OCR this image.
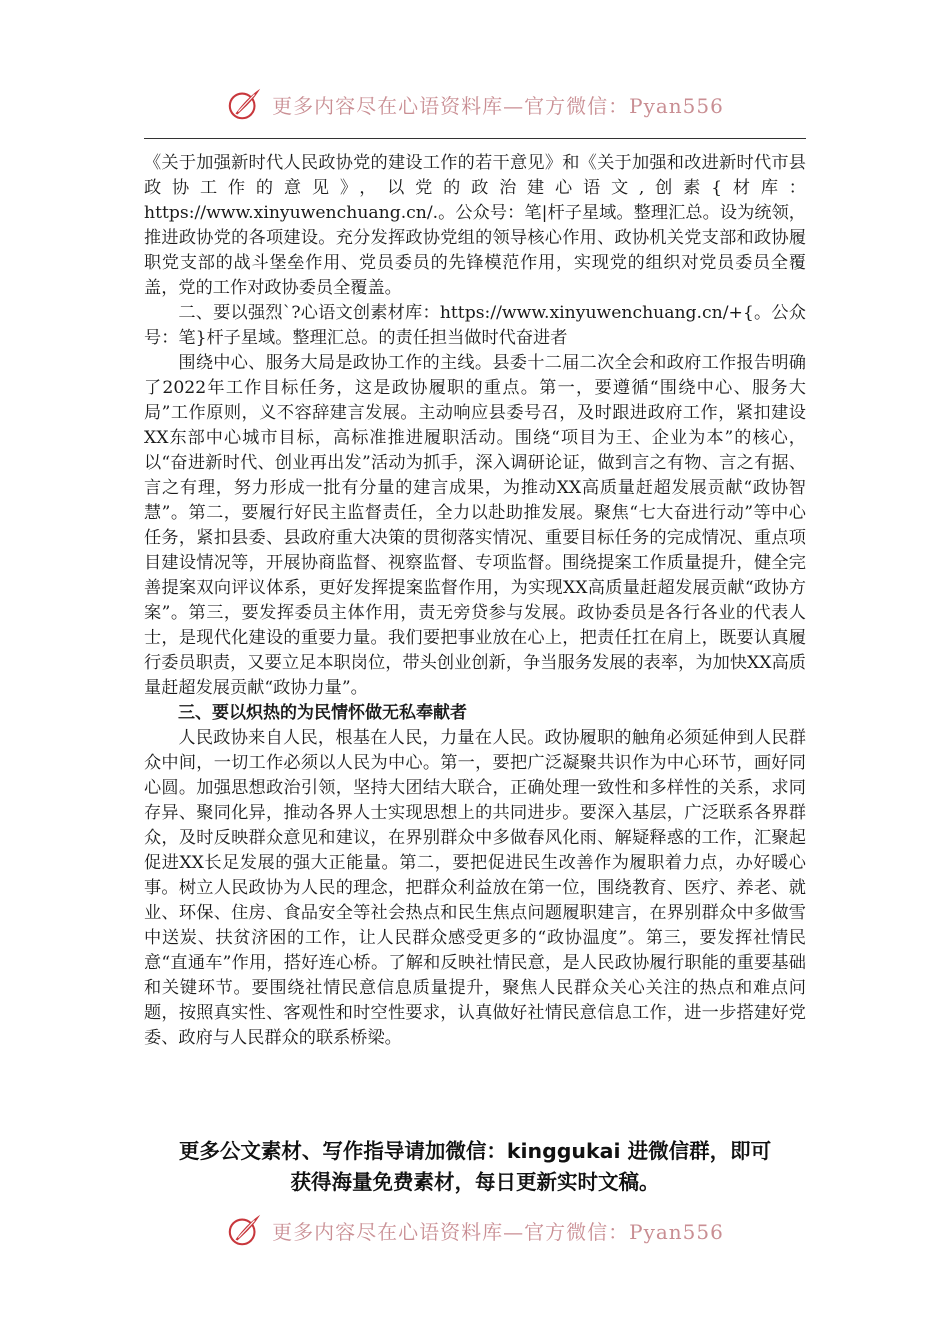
更多内容尽在心语资料库—官方微信：Pyan556

《关于加强新时代人民政协党的建设工作的若干意见》和《关于加强和改进新时代市县政协工作的意见》，以党的政治建心语文,创素{材库：https://www.xinyuwenchuang.cn/.。公众号：笔|杆子星域。整理汇总。设为统领，推进政协党的各项建设。充分发挥政协党组的领导核心作用、政协机关党支部和政协履职党支部的战斗堡垒作用、党员委员的先锋模范作用，实现党的组织对党员委员全覆盖，党的工作对政协委员全覆盖。

二、要以强烈`?心语文创素材库：https://www.xinyuwenchuang.cn/+{。公众号：笔}杆子星域。整理汇总。的责任担当做时代奋进者

围绕中心、服务大局是政协工作的主线。县委十二届二次全会和政府工作报告明确了2022年工作目标任务，这是政协履职的重点。第一，要遵循“围绕中心、服务大局”工作原则，义不容辞建言发展。主动响应县委号召，及时跟进政府工作，紧扣建设XX东部中心城市目标，高标准推进履职活动。围绕“项目为王、企业为本”的核心，以“奋进新时代、创业再出发”活动为抓手，深入调研论证，做到言之有物、言之有据、言之有理，努力形成一批有分量的建言成果，为推动XX高质量赶超发展贡献“政协智慧”。第二，要履行好民主监督责任，全力以赴助推发展。聚焦“七大奋进行动”等中心任务，紧扣县委、县政府重大决策的贯彻落实情况、重要目标任务的完成情况、重点项目建设情况等，开展协商监督、视察监督、专项监督。围绕提案工作质量提升，健全完善提案双向评议体系，更好发挥提案监督作用，为实现XX高质量赶超发展贡献“政协方案”。第三，要发挥委员主体作用，责无旁贷参与发展。政协委员是各行各业的代表人士，是现代化建设的重要力量。我们要把事业放在心上，把责任扛在肩上，既要认真履行委员职责，又要立足本职岗位，带头创业创新，争当服务发展的表率，为加快XX高质量赶超发展贡献“政协力量”。

三、要以炽热的为民情怀做无私奉献者

人民政协来自人民，根基在人民，力量在人民。政协履职的触角必须延伸到人民群众中间，一切工作必须以人民为中心。第一，要把广泛凝聚共识作为中心环节，画好同心圆。加强思想政治引领，坚持大团结大联合，正确处理一致性和多样性的关系，求同存异、聚同化异，推动各界人士实现思想上的共同进步。要深入基层，广泛联系各界群众，及时反映群众意见和建议，在界别群众中多做春风化雨、解疑释惑的工作，汇聚起促进XX长足发展的强大正能量。第二，要把促进民生改善作为履职着力点，办好暖心事。树立人民政协为人民的理念，把群众利益放在第一位，围绕教育、医疗、养老、就业、环保、住房、食品安全等社会热点和民生焦点问题履职建言，在界别群众中多做雪中送炭、扶贫济困的工作，让人民群众感受更多的“政协温度”。第三，要发挥社情民意“直通车”作用，搭好连心桥。了解和反映社情民意，是人民政协履行职能的重要基础和关键环节。要围绕社情民意信息质量提升，聚焦人民群众关心关注的热点和难点问题，按照真实性、客观性和时空性要求，认真做好社情民意信息工作，进一步搭建好党委、政府与人民群众的联系桥梁。

更多公文素材、写作指导请加微信：kinggukai 进微信群，即可
获得海量免费素材，每日更新实时文稿。
更多内容尽在心语资料库—官方微信：Pyan556
